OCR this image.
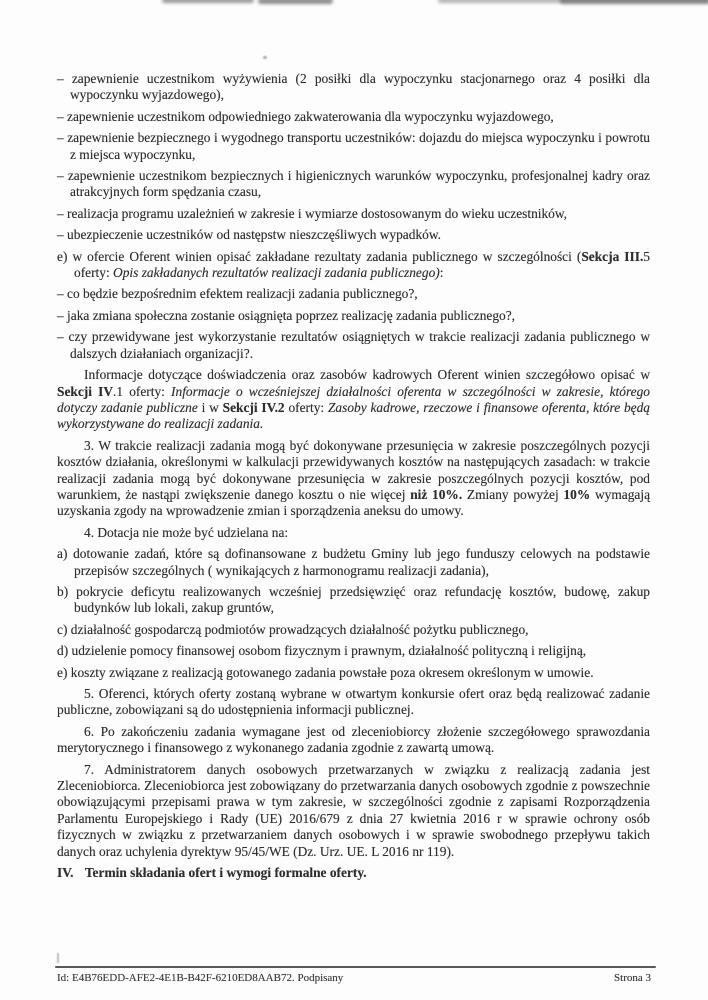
– zapewnienie uczestnikom wyżywienia (2 posiłki dla wypoczynku stacjonarnego oraz 4 posiłki dla wypoczynku wyjazdowego),

– zapewnienie uczestnikom odpowiedniego zakwaterowania dla wypoczynku wyjazdowego,

– zapewnienie bezpiecznego i wygodnego transportu uczestników: dojazdu do miejsca wypoczynku i powrotu z miejsca wypoczynku,

– zapewnienie uczestnikom bezpiecznych i higienicznych warunków wypoczynku, profesjonalnej kadry oraz atrakcyjnych form spędzania czasu,

– realizacja programu uzależnień w zakresie i wymiarze dostosowanym do wieku uczestników,

– ubezpieczenie uczestników od następstw nieszczęśliwych wypadków.

e) w ofercie Oferent winien opisać zakładane rezultaty zadania publicznego w szczególności (Sekcja III.5 oferty: Opis zakładanych rezultatów realizacji zadania publicznego):

– co będzie bezpośrednim efektem realizacji zadania publicznego?,

– jaka zmiana społeczna zostanie osiągnięta poprzez realizację zadania publicznego?,

– czy przewidywane jest wykorzystanie rezultatów osiągniętych w trakcie realizacji zadania publicznego w dalszych działaniach organizacji?.

Informacje dotyczące doświadczenia oraz zasobów kadrowych Oferent winien szczegółowo opisać w Sekcji IV.1 oferty: Informacje o wcześniejszej działalności oferenta w szczególności w zakresie, którego dotyczy zadanie publiczne i w Sekcji IV.2 oferty: Zasoby kadrowe, rzeczowe i finansowe oferenta, które będą wykorzystywane do realizacji zadania.

3. W trakcie realizacji zadania mogą być dokonywane przesunięcia w zakresie poszczególnych pozycji kosztów działania, określonymi w kalkulacji przewidywanych kosztów na następujących zasadach: w trakcie realizacji zadania mogą być dokonywane przesunięcia w zakresie poszczególnych pozycji kosztów, pod warunkiem, że nastąpi zwiększenie danego kosztu o nie więcej niż 10%. Zmiany powyżej 10% wymagają uzyskania zgody na wprowadzenie zmian i sporządzenia aneksu do umowy.

4. Dotacja nie może być udzielana na:

a) dotowanie zadań, które są dofinansowane z budżetu Gminy lub jego funduszy celowych na podstawie przepisów szczególnych ( wynikających z harmonogramu realizacji zadania),

b) pokrycie deficytu realizowanych wcześniej przedsięwzięć oraz refundację kosztów, budowę, zakup budynków lub lokali, zakup gruntów,

c) działalność gospodarczą podmiotów prowadzących działalność pożytku publicznego,

d) udzielenie pomocy finansowej osobom fizycznym i prawnym, działalność polityczną i religijną,

e) koszty związane z realizacją gotowanego zadania powstałe poza okresem określonym w umowie.

5. Oferenci, których oferty zostaną wybrane w otwartym konkursie ofert oraz będą realizować zadanie publiczne, zobowiązani są do udostępnienia informacji publicznej.

6. Po zakończeniu zadania wymagane jest od zleceniobiorcy złożenie szczegółowego sprawozdania merytorycznego i finansowego z wykonanego zadania zgodnie z zawartą umową.

7. Administratorem danych osobowych przetwarzanych w związku z realizacją zadania jest Zleceniobiorca. Zleceniobiorca jest zobowiązany do przetwarzania danych osobowych zgodnie z powszechnie obowiązującymi przepisami prawa w tym zakresie, w szczególności zgodnie z zapisami Rozporządzenia Parlamentu Europejskiego i Rady (UE) 2016/679 z dnia 27 kwietnia 2016 r w sprawie ochrony osób fizycznych w związku z przetwarzaniem danych osobowych i w sprawie swobodnego przepływu takich danych oraz uchylenia dyrektyw 95/45/WE (Dz. Urz. UE. L 2016 nr 119).

IV. Termin składania ofert i wymogi formalne oferty.

Id: E4B76EDD-AFE2-4E1B-B42F-6210ED8AAB72. Podpisany	Strona 3
